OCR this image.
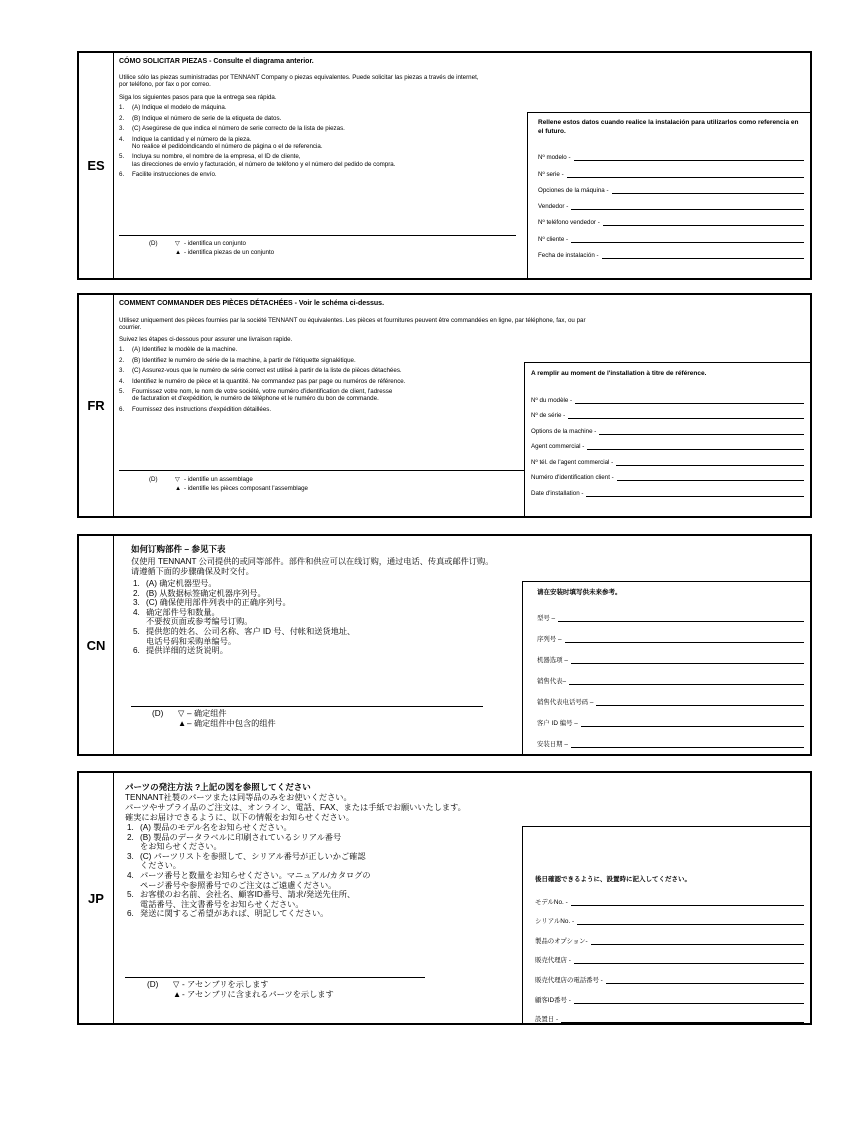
ES
CÓMO SOLICITAR PIEZAS - Consulte el diagrama anterior.
Utilice sólo las piezas suministradas por TENNANT Company o piezas equivalentes. Puede solicitar las piezas a través de internet,
por teléfono, por fax o por correo.
Siga los siguientes pasos para que la entrega sea rápida.
1.	(A) Indique el modelo de máquina.
2.	(B) Indique el número de serie de la etiqueta de datos.
3.	(C) Asegúrese de que indica el número de serie correcto de la lista de piezas.
4.	Indique la cantidad y el número de la pieza.
No realice el pedidoindicando el número de página o el de referencia.
5.	Incluya su nombre, el nombre de la empresa, el ID de cliente,
las direcciones de envío y facturación, el número de teléfono y el número del pedido de compra.
6.	Facilite instrucciones de envío.
(D)	▽ - identifica un conjunto
▲ - identifica piezas de un conjunto
Rellene estos datos cuando realice la instalación para utilizarlos como referencia en el futuro.
Nº modelo -
Nº serie -
Opciones de la máquina -
Vendedor -
Nº teléfono vendedor -
Nº cliente -
Fecha de instalación -
FR
COMMENT COMMANDER DES PIÈCES DÉTACHÉES - Voir le schéma ci-dessus.
Utilisez uniquement des pièces fournies par la société TENNANT ou équivalentes. Les pièces et fournitures peuvent être commandées en ligne, par téléphone, fax, ou par
courrier.
Suivez les étapes ci-dessous pour assurer une livraison rapide.
1.	(A) Identifiez le modèle de la machine.
2.	(B) Identifiez le numéro de série de la machine, à partir de l'étiquette signalétique.
3.	(C) Assurez-vous que le numéro de série correct est utilisé à partir de la liste de pièces détachées.
4.	Identifiez le numéro de pièce et la quantité. Ne commandez pas par page ou numéros de référence.
5.	Fournissez votre nom, le nom de votre société, votre numéro d'identification de client, l'adresse
de facturation et d'expédition, le numéro de téléphone et le numéro du bon de commande.
6.	Fournissez des instructions d'expédition détaillées.
(D)	▽ - identifie un assemblage
▲ - identifie les pièces composant l'assemblage
A remplir au moment de l'installation à titre de référence.
Nº du modèle -
Nº de série -
Options de la machine -
Agent commercial -
Nº tél. de l'agent commercial -
Numéro d'identification client -
Date d'installation -
CN
如何订购部件 – 参见下表
仅使用 TENNANT 公司提供的或同等部件。部件和供应可以在线订购，通过电话、传真或邮件订购。
请遵循下面的步骤确保及时交付。
1. (A) 确定机器型号。
2. (B) 从数据标签确定机器序列号。
3. (C) 确保使用部件列表中的正确序列号。
4. 确定部件号和数量。
不要按页面或参考编号订购。
5. 提供您的姓名、公司名称、客户 ID 号、付帐和送货地址、
电话号码和采购单编号。
6. 提供详细的送货说明。
(D)	▽ – 确定组件
▲– 确定组件中包含的组件
请在安装时填写供未来参考。
型号 –
序列号 –
机器选项 –
销售代表–
销售代表电话号码 –
客户 ID 编号 –
安装日期 –
JP
パーツの発注方法 ?上記の図を参照してください
TENNANT社製のパーツまたは同等品のみをお使いください。
パーツやサプライ品のご注文は、オンライン、電話、FAX、または手紙でお願いいたします。
確実にお届けできるように、以下の情報をお知らせください。
1. (A) 製品のモデル名をお知らせください。
2. (B) 製品のデータラベルに印刷されているシリアル番号
をお知らせください。
3. (C) パーツリストを参照して、シリアル番号が正しいかご確認
ください。
4. パーツ番号と数量をお知らせください。マニュアル/カタログの
ページ番号や参照番号でのご注文はご遠慮ください。
5. お客様のお名前、会社名、顧客ID番号、請求/発送先住所、
電話番号、注文書番号をお知らせください。
6. 発送に関するご希望があれば、明記してください。
(D)	▽ - アセンブリを示します
▲- アセンブリに含まれるパーツを示します
後日確認できるように、設置時に記入してください。
モデルNo. -
シリアルNo. -
製品のオプション-
販売代理店 -
販売代理店の電話番号 -
顧客ID番号 -
設置日 -
